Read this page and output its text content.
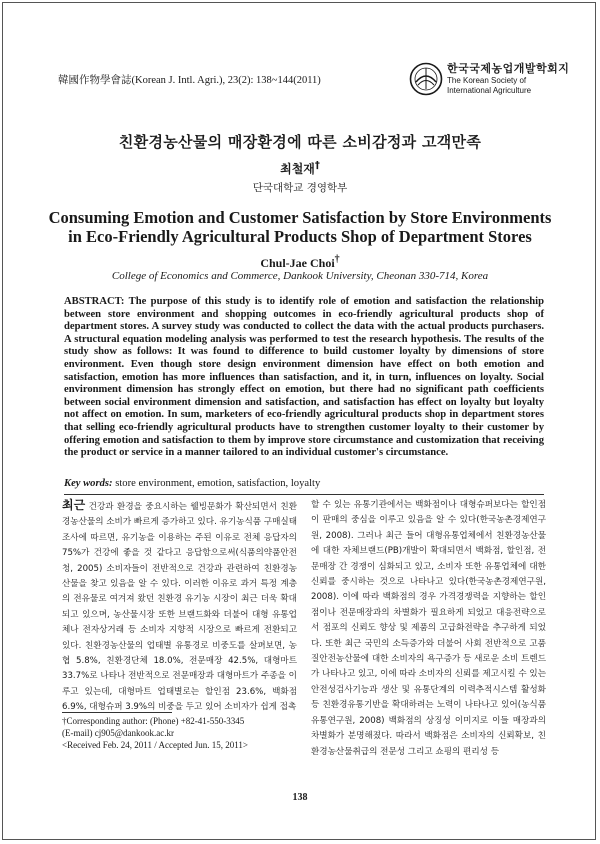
韓國作物學會誌(Korean J. Intl. Agri.), 23(2): 138~144(2011)
한국국제농업개발학회지
The Korean Society of International Agriculture
친환경농산물의 매장환경에 따른 소비감정과 고객만족
최철재†
단국대학교 경영학부
Consuming Emotion and Customer Satisfaction by Store Environments in Eco-Friendly Agricultural Products Shop of Department Stores
Chul-Jae Choi†
College of Economics and Commerce, Dankook University, Cheonan 330-714, Korea
ABSTRACT: The purpose of this study is to identify role of emotion and satisfaction the relationship between store environment and shopping outcomes in eco-friendly agricultural products shop of department stores. A survey study was conducted to collect the data with the actual products purchasers. A structural equation modeling analysis was performed to test the research hypothesis. The results of the study show as follows: It was found to difference to build customer loyalty by dimensions of store environment. Even though store design environment dimension have effect on both emotion and satisfaction, emotion has more influences than satisfaction, and it, in turn, influences on loyalty. Social environment dimension has strongly effect on emotion, but there had no significant path coefficients between social environment dimension and satisfaction, and satisfaction has effect on loyalty but loyalty not affect on emotion. In sum, marketers of eco-friendly agricultural products shop in department stores that selling eco-friendly agricultural products have to strengthen customer loyalty to their customer by offering emotion and satisfaction to them by improve store circumstance and customization that receiving the product or service in a manner tailored to an individual customer's circumstance.
Key words: store environment, emotion, satisfaction, loyalty
최근 건강과 환경을 중요시하는 웰빙문화가 확산되면서 친환경농산물의 소비가 빠르게 증가하고 있다. 유기농식품 구매실태 조사에 따르면, 유기농을 이용하는 주된 이유로 전체 응답자의 75%가 건강에 좋을 것 같다고 응답함으로써(식품의약품안전청, 2005) 소비자들이 전반적으로 건강과 관련하여 친환경농산물을 찾고 있음을 알 수 있다. 이러한 이유로 과거 특정 계층의 전유물로 여겨져 왔던 친환경 유기농 시장이 최근 더욱 확대되고 있으며, 농산물시장 또한 브랜드화와 더불어 대형 유통업체나 전자상거래 등 소비자 지향적 시장으로 빠르게 전환되고 있다. 친환경농산물의 업태별 유통경로 비중도를 살펴보면, 농협 5.8%, 친환경단체 18.0%, 전문매장 42.5%, 대형마트 33.7%로 나타나 전반적으로 전문매장과 대형마트가 주종을 이루고 있는데, 대형마트 업태별로는 할인점 23.6%, 백화점 6.9%, 대형슈퍼 3.9%의 비중을 두고 있어 소비자가 쉽게 접촉
할 수 있는 유통기관에서는 백화점이나 대형슈퍼보다는 할인점이 판매의 중심을 이루고 있음을 알 수 있다(한국농촌경제연구원, 2008). 그러나 최근 들어 대형유통업체에서 친환경농산물에 대한 자체브랜드(PB)개발이 확대되면서 백화점, 할인점, 전문매장 간 경쟁이 심화되고 있고, 소비자 또한 유통업체에 대한 신뢰를 중시하는 것으로 나타나고 있다(한국농촌경제연구원, 2008). 이에 따라 백화점의 경우 가격경쟁력을 지향하는 할인점이나 전문매장과의 차별화가 필요하게 되었고 대응전략으로서 점포의 신뢰도 향상 및 제품의 고급화전략을 추구하게 되었다. 또한 최근 국민의 소득증가와 더불어 사회 전반적으로 고품질안전농산물에 대한 소비자의 욕구증가 등 새로운 소비 트렌드가 나타나고 있고, 이에 따라 소비자의 신뢰를 제고시킬 수 있는 안전성검사기능과 생산 및 유통단계의 이력추적시스템 활성화 등 친환경유통기반을 확대하려는 노력이 나타나고 있어(농식품유통연구원, 2008) 백화점의 상징성 이미지로 이들 매장과의 차별화가 분명해졌다. 따라서 백화점은 소비자의 신뢰확보, 친환경농산물취급의 전문성 그리고 쇼핑의 편리성 등
†Corresponding author: (Phone) +82-41-550-3345
(E-mail) cj905@dankook.ac.kr
<Received Feb. 24, 2011 / Accepted Jun. 15, 2011>
138
